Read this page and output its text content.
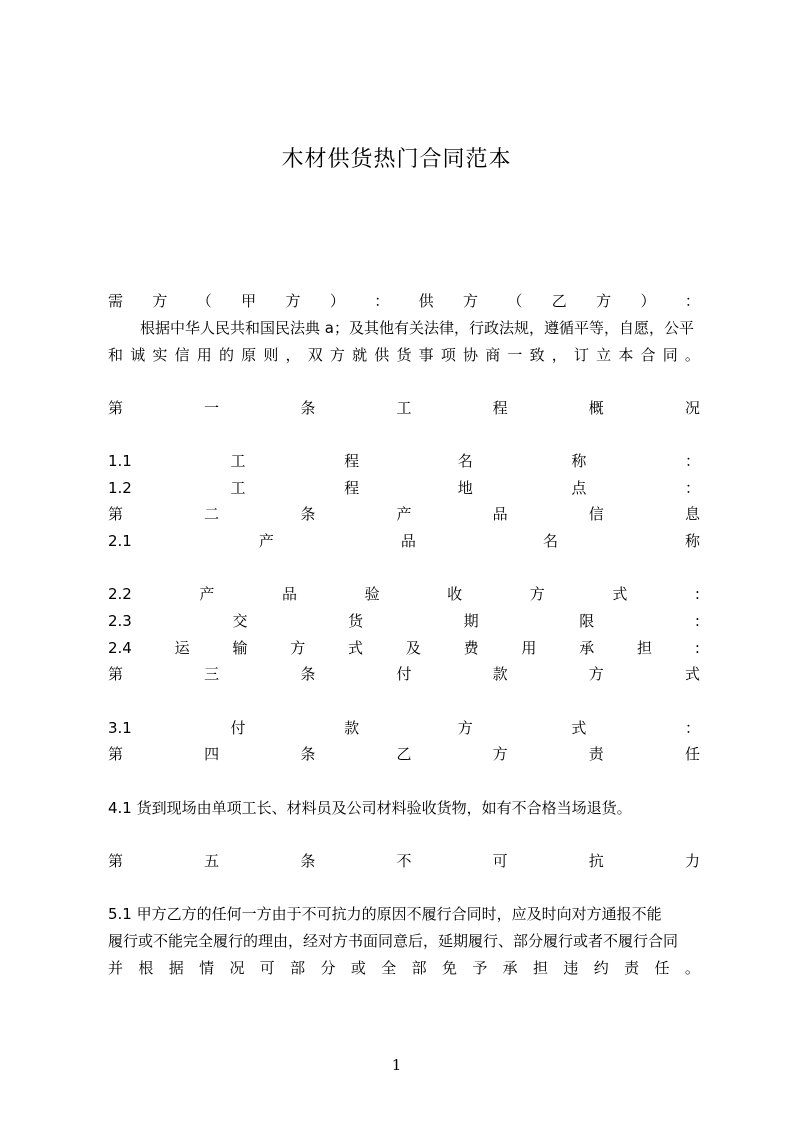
木材供货热门合同范本
需 方 （ 甲 方 ） ： 供 方 （ 乙 方 ） ：
根据中华人民共和国民法典 a；及其他有关法律，行政法规，遵循平等，自愿，公平
和 诚 实 信 用 的 原 则 ， 双 方 就 供 货 事 项 协 商 一 致 ， 订 立 本 合 同 。
第	一	条	工	程	概	况
1.1	工	程	名	称	：
1.2	工	程	地	点	：
第	二	条	产	品	信	息
2.1	产	品	名	称
2.2	产	品	验	收	方	式	:
2.3	交	货	期	限	:
2.4	运	输	方	式	及	费	用	承	担	:
第	三	条	付	款	方	式
3.1	付	款	方	式	：
第	四	条	乙	方	责	任
4.1 货到现场由单项工长、材料员及公司材料验收货物，如有不合格当场退货。
第	五	条	不	可	抗	力
5.1 甲方乙方的任何一方由于不可抗力的原因不履行合同时，应及时向对方通报不能
履行或不能完全履行的理由，经对方书面同意后，延期履行、部分履行或者不履行合同
并 根 据 情 况 可 部 分 或 全 部 免 予 承 担 违 约 责 任 。
1
